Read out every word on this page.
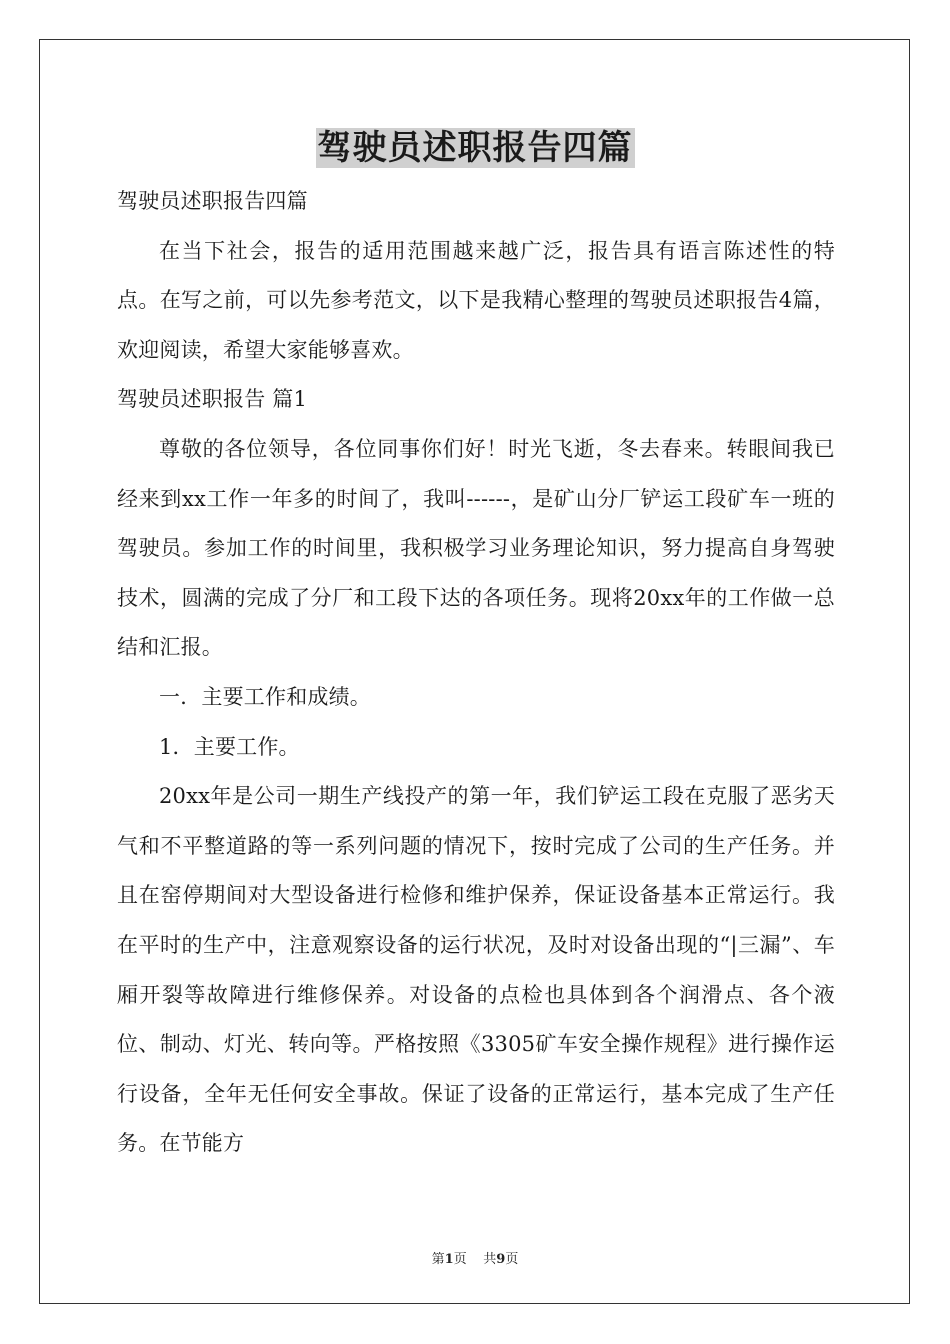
驾驶员述职报告四篇

驾驶员述职报告四篇

在当下社会，报告的适用范围越来越广泛，报告具有语言陈述性的特点。在写之前，可以先参考范文，以下是我精心整理的驾驶员述职报告4篇，欢迎阅读，希望大家能够喜欢。

驾驶员述职报告 篇1

尊敬的各位领导，各位同事你们好！时光飞逝，冬去春来。转眼间我已经来到xx工作一年多的时间了，我叫------，是矿山分厂铲运工段矿车一班的驾驶员。参加工作的时间里，我积极学习业务理论知识，努力提高自身驾驶技术，圆满的完成了分厂和工段下达的各项任务。现将20xx年的工作做一总结和汇报。

一．主要工作和成绩。

1．主要工作。

20xx年是公司一期生产线投产的第一年，我们铲运工段在克服了恶劣天气和不平整道路的等一系列问题的情况下，按时完成了公司的生产任务。并且在窑停期间对大型设备进行检修和维护保养，保证设备基本正常运行。我在平时的生产中，注意观察设备的运行状况，及时对设备出现的“|三漏”、车厢开裂等故障进行维修保养。对设备的点检也具体到各个润滑点、各个液位、制动、灯光、转向等。严格按照《3305矿车安全操作规程》进行操作运行设备，全年无任何安全事故。保证了设备的正常运行，基本完成了生产任务。在节能方

第1页 共9页
